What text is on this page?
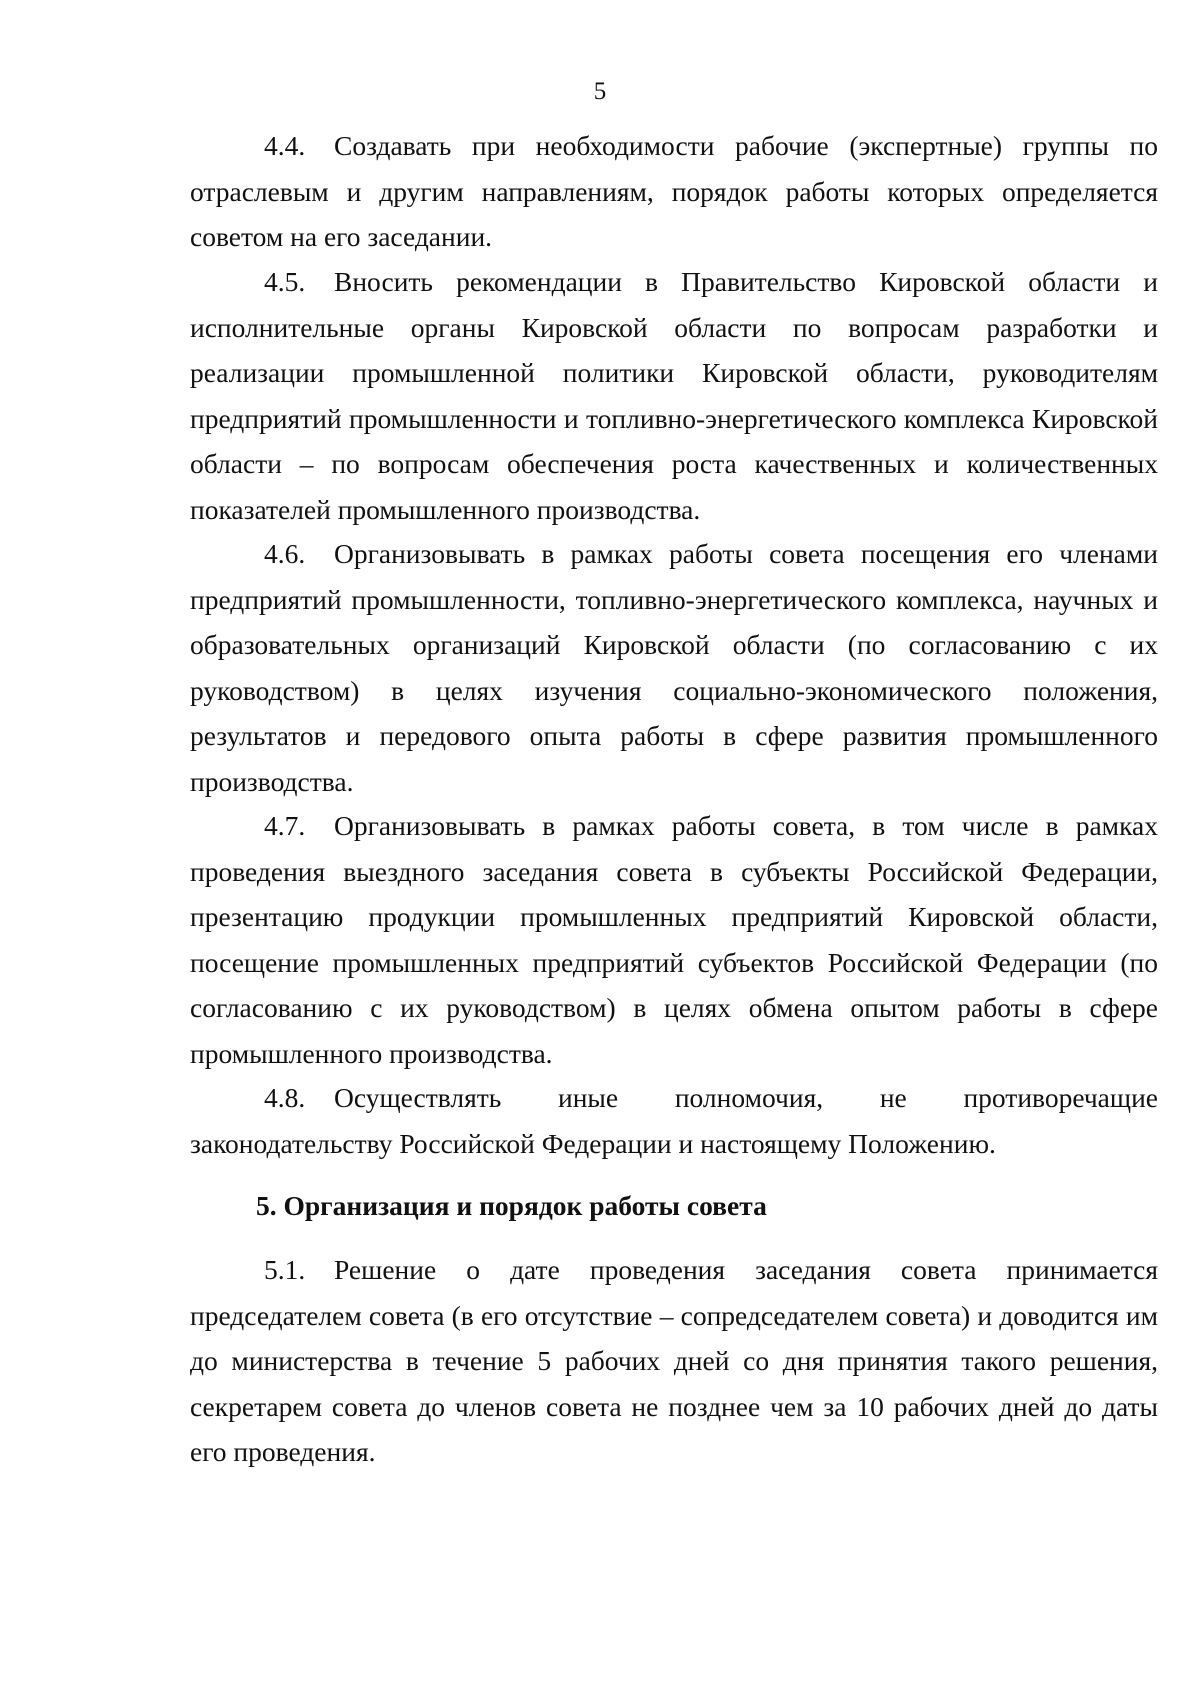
5

4.4. Создавать при необходимости рабочие (экспертные) группы по отраслевым и другим направлениям, порядок работы которых определяется советом на его заседании.

4.5. Вносить рекомендации в Правительство Кировской области и исполнительные органы Кировской области по вопросам разработки и реализации промышленной политики Кировской области, руководителям предприятий промышленности и топливно-энергетического комплекса Кировской области – по вопросам обеспечения роста качественных и количественных показателей промышленного производства.

4.6. Организовывать в рамках работы совета посещения его членами предприятий промышленности, топливно-энергетического комплекса, научных и образовательных организаций Кировской области (по согласованию с их руководством) в целях изучения социально-экономического положения, результатов и передового опыта работы в сфере развития промышленного производства.

4.7. Организовывать в рамках работы совета, в том числе в рамках проведения выездного заседания совета в субъекты Российской Федерации, презентацию продукции промышленных предприятий Кировской области, посещение промышленных предприятий субъектов Российской Федерации (по согласованию с их руководством) в целях обмена опытом работы в сфере промышленного производства.

4.8. Осуществлять иные полномочия, не противоречащие законодательству Российской Федерации и настоящему Положению.

5. Организация и порядок работы совета

5.1. Решение о дате проведения заседания совета принимается председателем совета (в его отсутствие – сопредседателем совета) и доводится им до министерства в течение 5 рабочих дней со дня принятия такого решения, секретарем совета до членов совета не позднее чем за 10 рабочих дней до даты его проведения.
